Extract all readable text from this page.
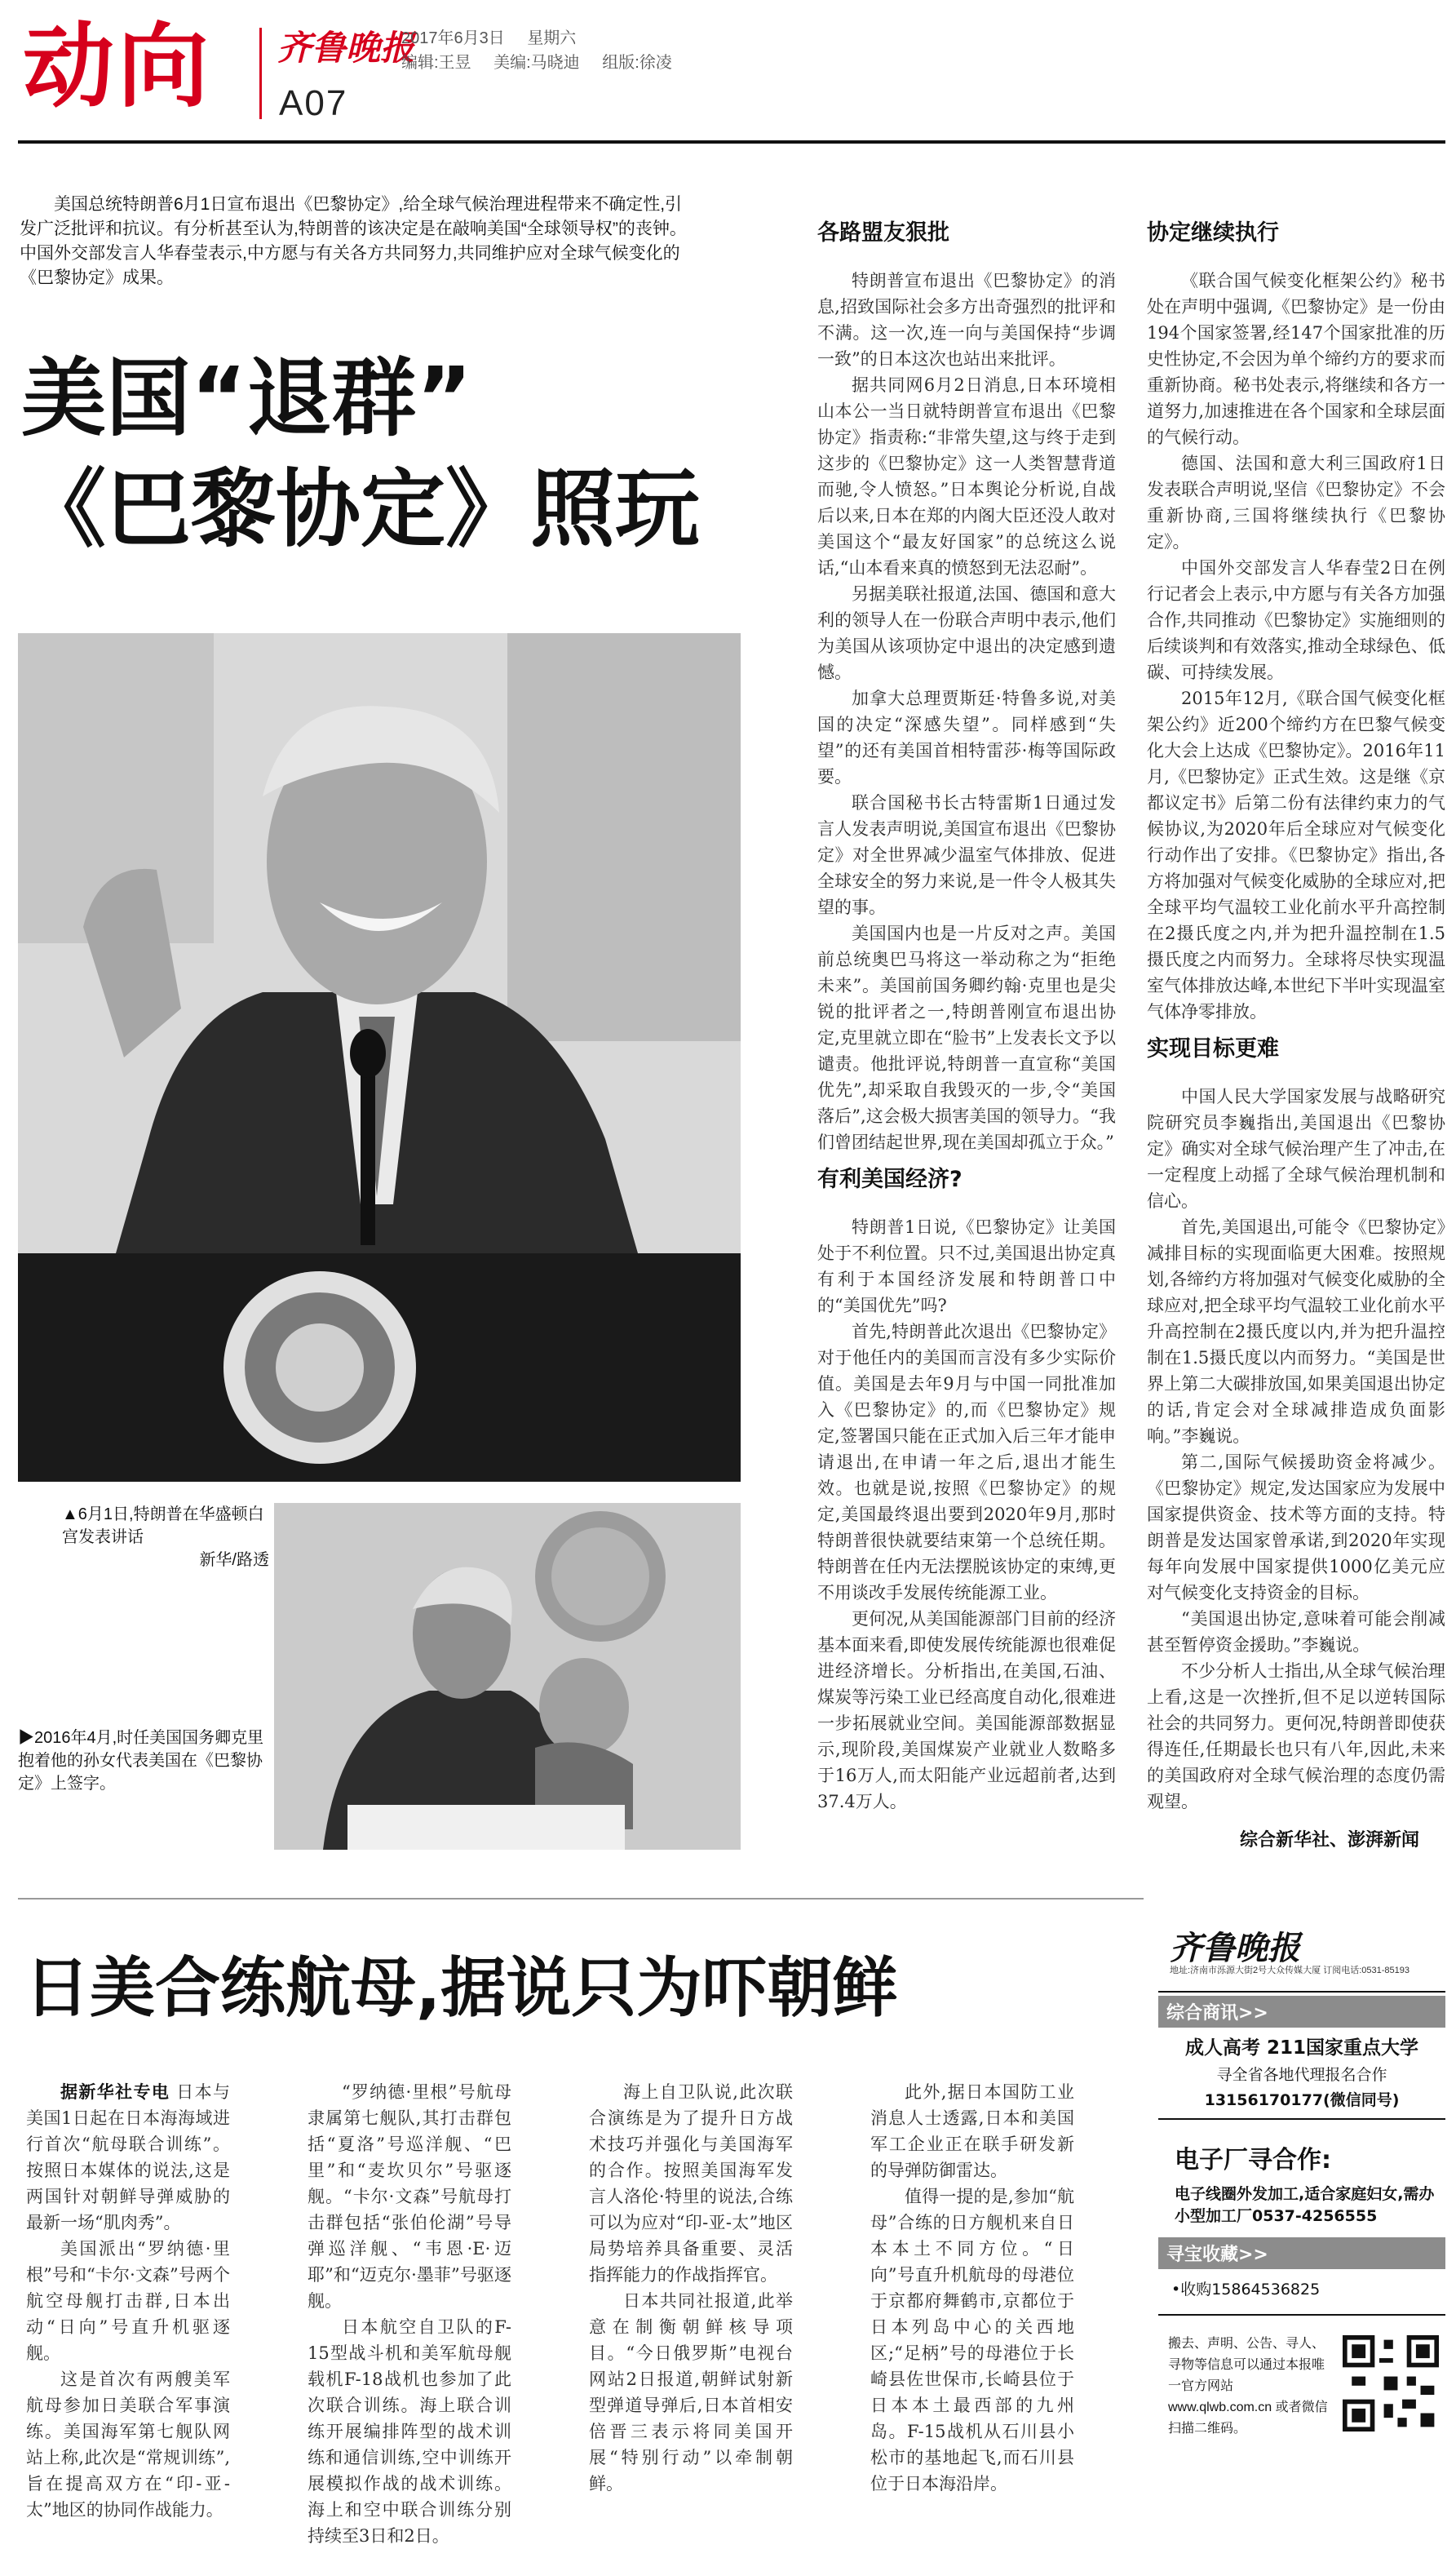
动向 齐鲁晚报
A07
2017年6月3日 星期六
编辑:王昱 美编:马晓迪 组版:徐凌
美国总统特朗普6月1日宣布退出《巴黎协定》,给全球气候治理进程带来不确定性,引发广泛批评和抗议。有分析甚至认为,特朗普的该决定是在敲响美国“全球领导权”的丧钟。中国外交部发言人华春莹表示,中方愿与有关各方共同努力,共同维护应对全球气候变化的《巴黎协定》成果。
美国“退群”
《巴黎协定》照玩
▲6月1日,特朗普在华盛顿白宫发表讲话
新华/路透
▶2016年4月,时任美国国务卿克里抱着他的孙女代表美国在《巴黎协定》上签字。
各路盟友狠批

特朗普宣布退出《巴黎协定》的消息,招致国际社会多方出奇强烈的批评和不满。这一次,连一向与美国保持“步调一致”的日本这次也站出来批评。

据共同网6月2日消息,日本环境相山本公一当日就特朗普宣布退出《巴黎协定》指责称:“非常失望,这与终于走到这步的《巴黎协定》这一人类智慧背道而驰,令人愤怒。”日本舆论分析说,自战后以来,日本在郑的内阁大臣还没人敢对美国这个“最友好国家”的总统这么说话,“山本看来真的愤怒到无法忍耐”。

另据美联社报道,法国、德国和意大利的领导人在一份联合声明中表示,他们为美国从该项协定中退出的决定感到遗憾。

加拿大总理贾斯廷·特鲁多说,对美国的决定“深感失望”。同样感到“失望”的还有美国首相特雷莎·梅等国际政要。

联合国秘书长古特雷斯1日通过发言人发表声明说,美国宣布退出《巴黎协定》对全世界减少温室气体排放、促进全球安全的努力来说,是一件令人极其失望的事。

美国国内也是一片反对之声。美国前总统奥巴马将这一举动称之为“拒绝未来”。美国前国务卿约翰·克里也是尖锐的批评者之一,特朗普刚宣布退出协定,克里就立即在“脸书”上发表长文予以谴责。他批评说,特朗普一直宣称“美国优先”,却采取自我毁灭的一步,令“美国落后”,这会极大损害美国的领导力。“我们曾团结起世界,现在美国却孤立于众。”

有利美国经济?

特朗普1日说,《巴黎协定》让美国处于不利位置。只不过,美国退出协定真有利于本国经济发展和特朗普口中的“美国优先”吗?

首先,特朗普此次退出《巴黎协定》对于他任内的美国而言没有多少实际价值。美国是去年9月与中国一同批准加入《巴黎协定》的,而《巴黎协定》规定,签署国只能在正式加入后三年才能申请退出,在申请一年之后,退出才能生效。也就是说,按照《巴黎协定》的规定,美国最终退出要到2020年9月,那时特朗普很快就要结束第一个总统任期。特朗普在任内无法摆脱该协定的束缚,更不用谈改手发展传统能源工业。

更何况,从美国能源部门目前的经济基本面来看,即使发展传统能源也很难促进经济增长。分析指出,在美国,石油、煤炭等污染工业已经高度自动化,很难进一步拓展就业空间。美国能源部数据显示,现阶段,美国煤炭产业就业人数略多于16万人,而太阳能产业远超前者,达到37.4万人。

协定继续执行

《联合国气候变化框架公约》秘书处在声明中强调,《巴黎协定》是一份由194个国家签署,经147个国家批准的历史性协定,不会因为单个缔约方的要求而重新协商。秘书处表示,将继续和各方一道努力,加速推进在各个国家和全球层面的气候行动。

德国、法国和意大利三国政府1日发表联合声明说,坚信《巴黎协定》不会重新协商,三国将继续执行《巴黎协定》。

中国外交部发言人华春莹2日在例行记者会上表示,中方愿与有关各方加强合作,共同推动《巴黎协定》实施细则的后续谈判和有效落实,推动全球绿色、低碳、可持续发展。

2015年12月,《联合国气候变化框架公约》近200个缔约方在巴黎气候变化大会上达成《巴黎协定》。2016年11月,《巴黎协定》正式生效。这是继《京都议定书》后第二份有法律约束力的气候协议,为2020年后全球应对气候变化行动作出了安排。《巴黎协定》指出,各方将加强对气候变化威胁的全球应对,把全球平均气温较工业化前水平升高控制在2摄氏度之内,并为把升温控制在1.5摄氏度之内而努力。全球将尽快实现温室气体排放达峰,本世纪下半叶实现温室气体净零排放。

实现目标更难

中国人民大学国家发展与战略研究院研究员李巍指出,美国退出《巴黎协定》确实对全球气候治理产生了冲击,在一定程度上动摇了全球气候治理机制和信心。

首先,美国退出,可能令《巴黎协定》减排目标的实现面临更大困难。按照规划,各缔约方将加强对气候变化威胁的全球应对,把全球平均气温较工业化前水平升高控制在2摄氏度以内,并为把升温控制在1.5摄氏度以内而努力。“美国是世界上第二大碳排放国,如果美国退出协定的话,肯定会对全球减排造成负面影响。”李巍说。

第二,国际气候援助资金将减少。《巴黎协定》规定,发达国家应为发展中国家提供资金、技术等方面的支持。特朗普是发达国家曾承诺,到2020年实现每年向发展中国家提供1000亿美元应对气候变化支持资金的目标。

“美国退出协定,意味着可能会削减甚至暂停资金援助。”李巍说。

不少分析人士指出,从全球气候治理上看,这是一次挫折,但不足以逆转国际社会的共同努力。更何况,特朗普即使获得连任,任期最长也只有八年,因此,未来的美国政府对全球气候治理的态度仍需观望。

综合新华社、澎湃新闻
日美合练航母,据说只为吓朝鲜

据新华社专电 日本与美国1日起在日本海海域进行首次“航母联合训练”。按照日本媒体的说法,这是两国针对朝鲜导弹威胁的最新一场“肌肉秀”。

美国派出“罗纳德·里根”号和“卡尔·文森”号两个航空母舰打击群,日本出动“日向”号直升机驱逐舰。

这是首次有两艘美军航母参加日美联合军事演练。美国海军第七舰队网站上称,此次是“常规训练”,旨在提高双方在“印-亚-太”地区的协同作战能力。

“罗纳德·里根”号航母隶属第七舰队,其打击群包括“夏洛”号巡洋舰、“巴里”和“麦坎贝尔”号驱逐舰。“卡尔·文森”号航母打击群包括“张伯伦湖”号导弹巡洋舰、“韦恩·E·迈耶”和“迈克尔·墨菲”号驱逐舰。

日本航空自卫队的F-15型战斗机和美军航母舰载机F-18战机也参加了此次联合训练。海上联合训练开展编排阵型的战术训练和通信训练,空中训练开展模拟作战的战术训练。海上和空中联合训练分别持续至3日和2日。

海上自卫队说,此次联合演练是为了提升日方战术技巧并强化与美国海军的合作。按照美国海军发言人洛伦·特里的说法,合练可以为应对“印-亚-太”地区局势培养具备重要、灵活指挥能力的作战指挥官。

日本共同社报道,此举意在制衡朝鲜核导项目。“今日俄罗斯”电视台网站2日报道,朝鲜试射新型弹道导弹后,日本首相安倍晋三表示将同美国开展“特别行动”以牵制朝鲜。

此外,据日本国防工业消息人士透露,日本和美国军工企业正在联手研发新的导弹防御雷达。

值得一提的是,参加“航母”合练的日方舰机来自日本本土不同方位。“日向”号直升机航母的母港位于京都府舞鹤市,京都位于日本列岛中心的关西地区;“足柄”号的母港位于长崎县佐世保市,长崎县位于日本本土最西部的九州岛。F-15战机从石川县小松市的基地起飞,而石川县位于日本海沿岸。

齐鲁晚报
地址:济南市泺源大街2号大众传媒大厦 订阅电话:0531-85193
综合商讯>>
成人高考 211国家重点大学
寻全省各地代理报名合作
13156170177(微信同号)
电子厂寻合作:
电子线圈外发加工,适合家庭妇女,需办小型加工厂0537-4256555
寻宝收藏>>
•收购15864536825
搬去、声明、公告、寻人、寻物等信息可以通过本报唯一官方网站 www.qlwb.com.cn 或者微信扫描二维码。
